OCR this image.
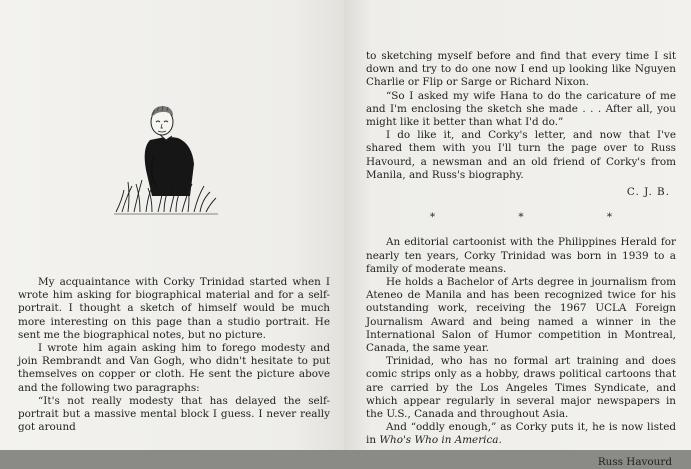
My acquaintance with Corky Trinidad started when I wrote him asking for biographical material and for a self-portrait. I thought a sketch of himself would be much more interesting on this page than a studio portrait. He sent me the biographical notes, but no picture.

I wrote him again asking him to forego modesty and join Rembrandt and Van Gogh, who didn't hesitate to put themselves on copper or cloth. He sent the picture above and the following two paragraphs:

“It's not really modesty that has delayed the self-portrait but a massive mental block I guess. I never really got around

to sketching myself before and find that every time I sit down and try to do one now I end up looking like Nguyen Charlie or Flip or Sarge or Richard Nixon.

“So I asked my wife Hana to do the caricature of me and I'm enclosing the sketch she made . . . After all, you might like it better than what I'd do.”

I do like it, and Corky's letter, and now that I've shared them with you I'll turn the page over to Russ Havourd, a newsman and an old friend of Corky's from Manila, and Russ's biography.

C. J. B.

* * *

An editorial cartoonist with the Philippines Herald for nearly ten years, Corky Trinidad was born in 1939 to a family of moderate means.

He holds a Bachelor of Arts degree in journalism from Ateneo de Manila and has been recognized twice for his outstanding work, receiving the 1967 UCLA Foreign Journalism Award and being named a winner in the International Salon of Humor competition in Montreal, Canada, the same year.

Trinidad, who has no formal art training and does comic strips only as a hobby, draws political cartoons that are carried by the Los Angeles Times Syndicate, and which appear regularly in several major newspapers in the U.S., Canada and throughout Asia.

And “oddly enough,” as Corky puts it, he is now listed in Who's Who in America.

Russ Havourd
